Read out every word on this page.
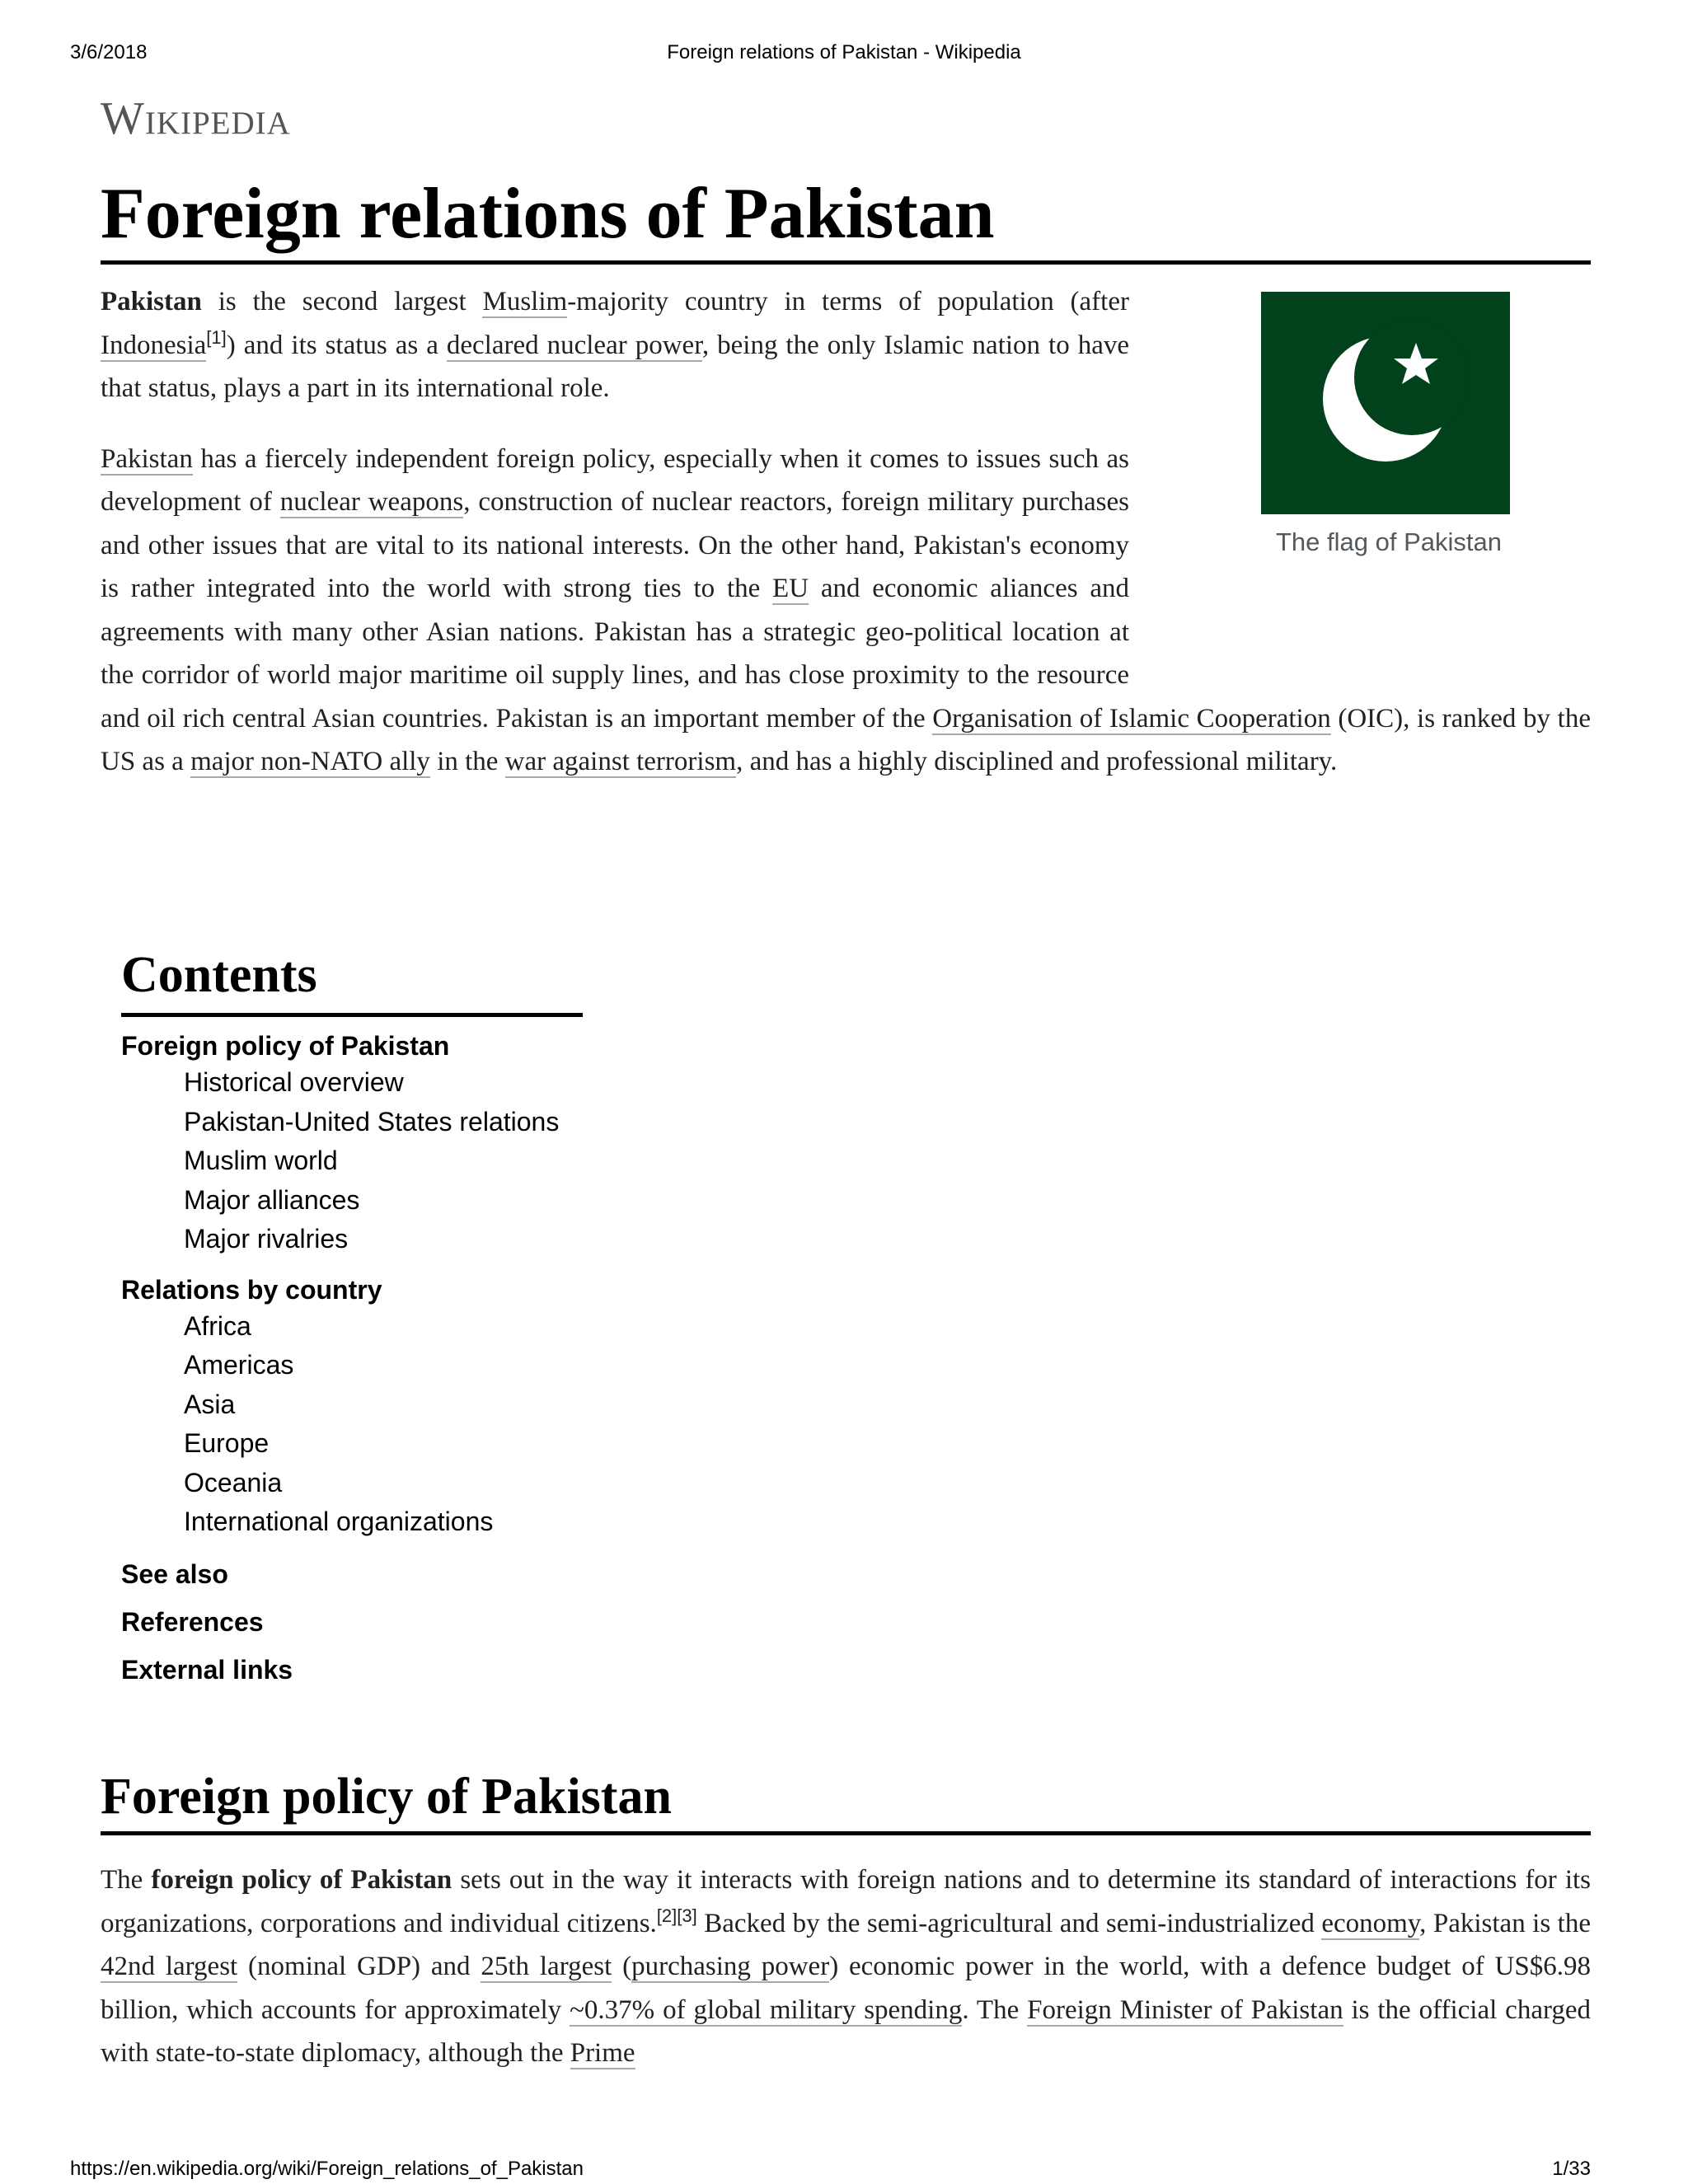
3/6/2018	Foreign relations of Pakistan - Wikipedia
Wikipedia
Foreign relations of Pakistan
The flag of Pakistan

Pakistan is the second largest Muslim-majority country in terms of population (after Indonesia[1]) and its status as a declared nuclear power, being the only Islamic nation to have that status, plays a part in its international role.

Pakistan has a fiercely independent foreign policy, especially when it comes to issues such as development of nuclear weapons, construction of nuclear reactors, foreign military purchases and other issues that are vital to its national interests. On the other hand, Pakistan's economy is rather integrated into the world with strong ties to the EU and economic aliances and agreements with many other Asian nations. Pakistan has a strategic geo-political location at the corridor of world major maritime oil supply lines, and has close proximity to the resource and oil rich central Asian countries. Pakistan is an important member of the Organisation of Islamic Cooperation (OIC), is ranked by the US as a major non-NATO ally in the war against terrorism, and has a highly disciplined and professional military.

Contents
Foreign policy of Pakistan
Historical overview
Pakistan-United States relations
Muslim world
Major alliances
Major rivalries
Relations by country
Africa
Americas
Asia
Europe
Oceania
International organizations
See also
References
External links
Foreign policy of Pakistan

The foreign policy of Pakistan sets out in the way it interacts with foreign nations and to determine its standard of interactions for its organizations, corporations and individual citizens.[2][3] Backed by the semi-agricultural and semi-industrialized economy, Pakistan is the 42nd largest (nominal GDP) and 25th largest (purchasing power) economic power in the world, with a defence budget of US$6.98 billion, which accounts for approximately ~0.37% of global military spending. The Foreign Minister of Pakistan is the official charged with state-to-state diplomacy, although the Prime

https://en.wikipedia.org/wiki/Foreign_relations_of_Pakistan	1/33
